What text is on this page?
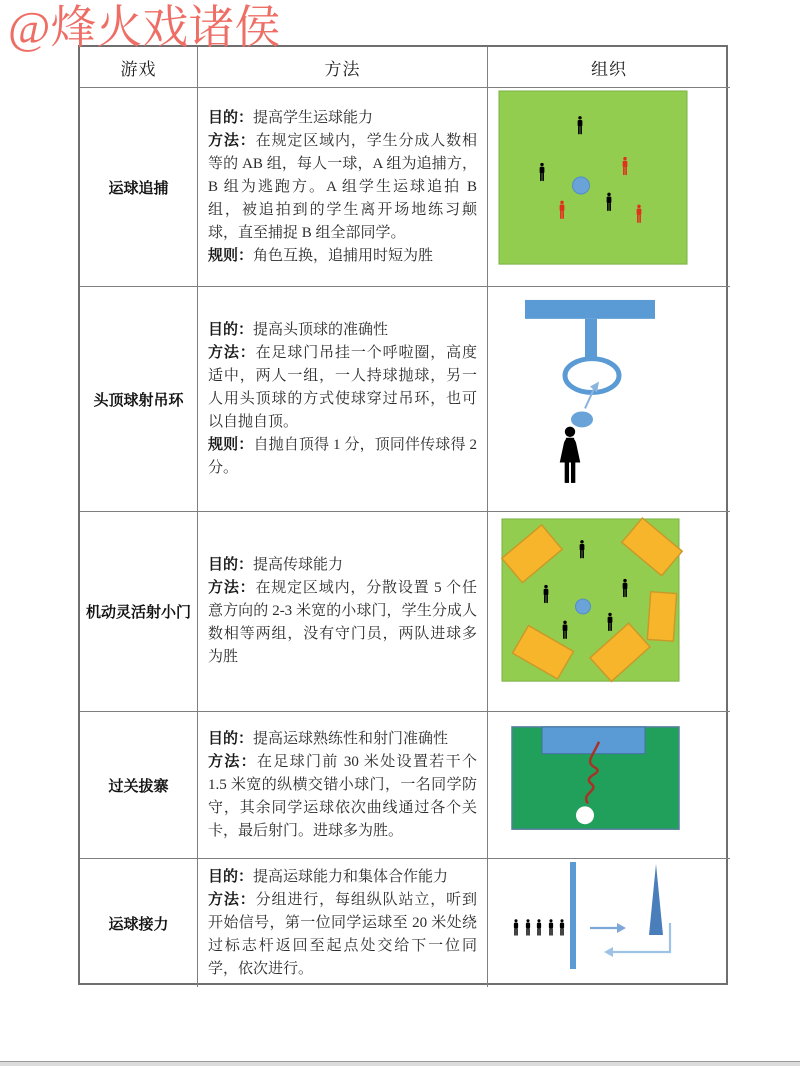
@烽火戏诸侯
游戏	方法	组织
运球追捕

目的：提高学生运球能力

方法：在规定区域内，学生分成人数相等的 AB 组，每人一球，A 组为追捕方，B 组为逃跑方。A 组学生运球追拍 B 组，被追拍到的学生离开场地练习颠球，直至捕捉 B 组全部同学。

规则：角色互换，追捕用时短为胜

头顶球射吊环

目的：提高头顶球的准确性

方法：在足球门吊挂一个呼啦圈，高度适中，两人一组，一人持球抛球，另一人用头顶球的方式使球穿过吊环，也可以自抛自顶。

规则：自抛自顶得 1 分，顶同伴传球得 2 分。

机动灵活射小门

目的：提高传球能力

方法：在规定区域内，分散设置 5 个任意方向的 2-3 米宽的小球门，学生分成人数相等两组，没有守门员，两队进球多为胜

过关拔寨

目的：提高运球熟练性和射门准确性

方法：在足球门前 30 米处设置若干个 1.5 米宽的纵横交错小球门，一名同学防守，其余同学运球依次曲线通过各个关卡，最后射门。进球多为胜。

运球接力

目的：提高运球能力和集体合作能力

方法：分组进行，每组纵队站立，听到开始信号，第一位同学运球至 20 米处绕过标志杆返回至起点处交给下一位同学，依次进行。
